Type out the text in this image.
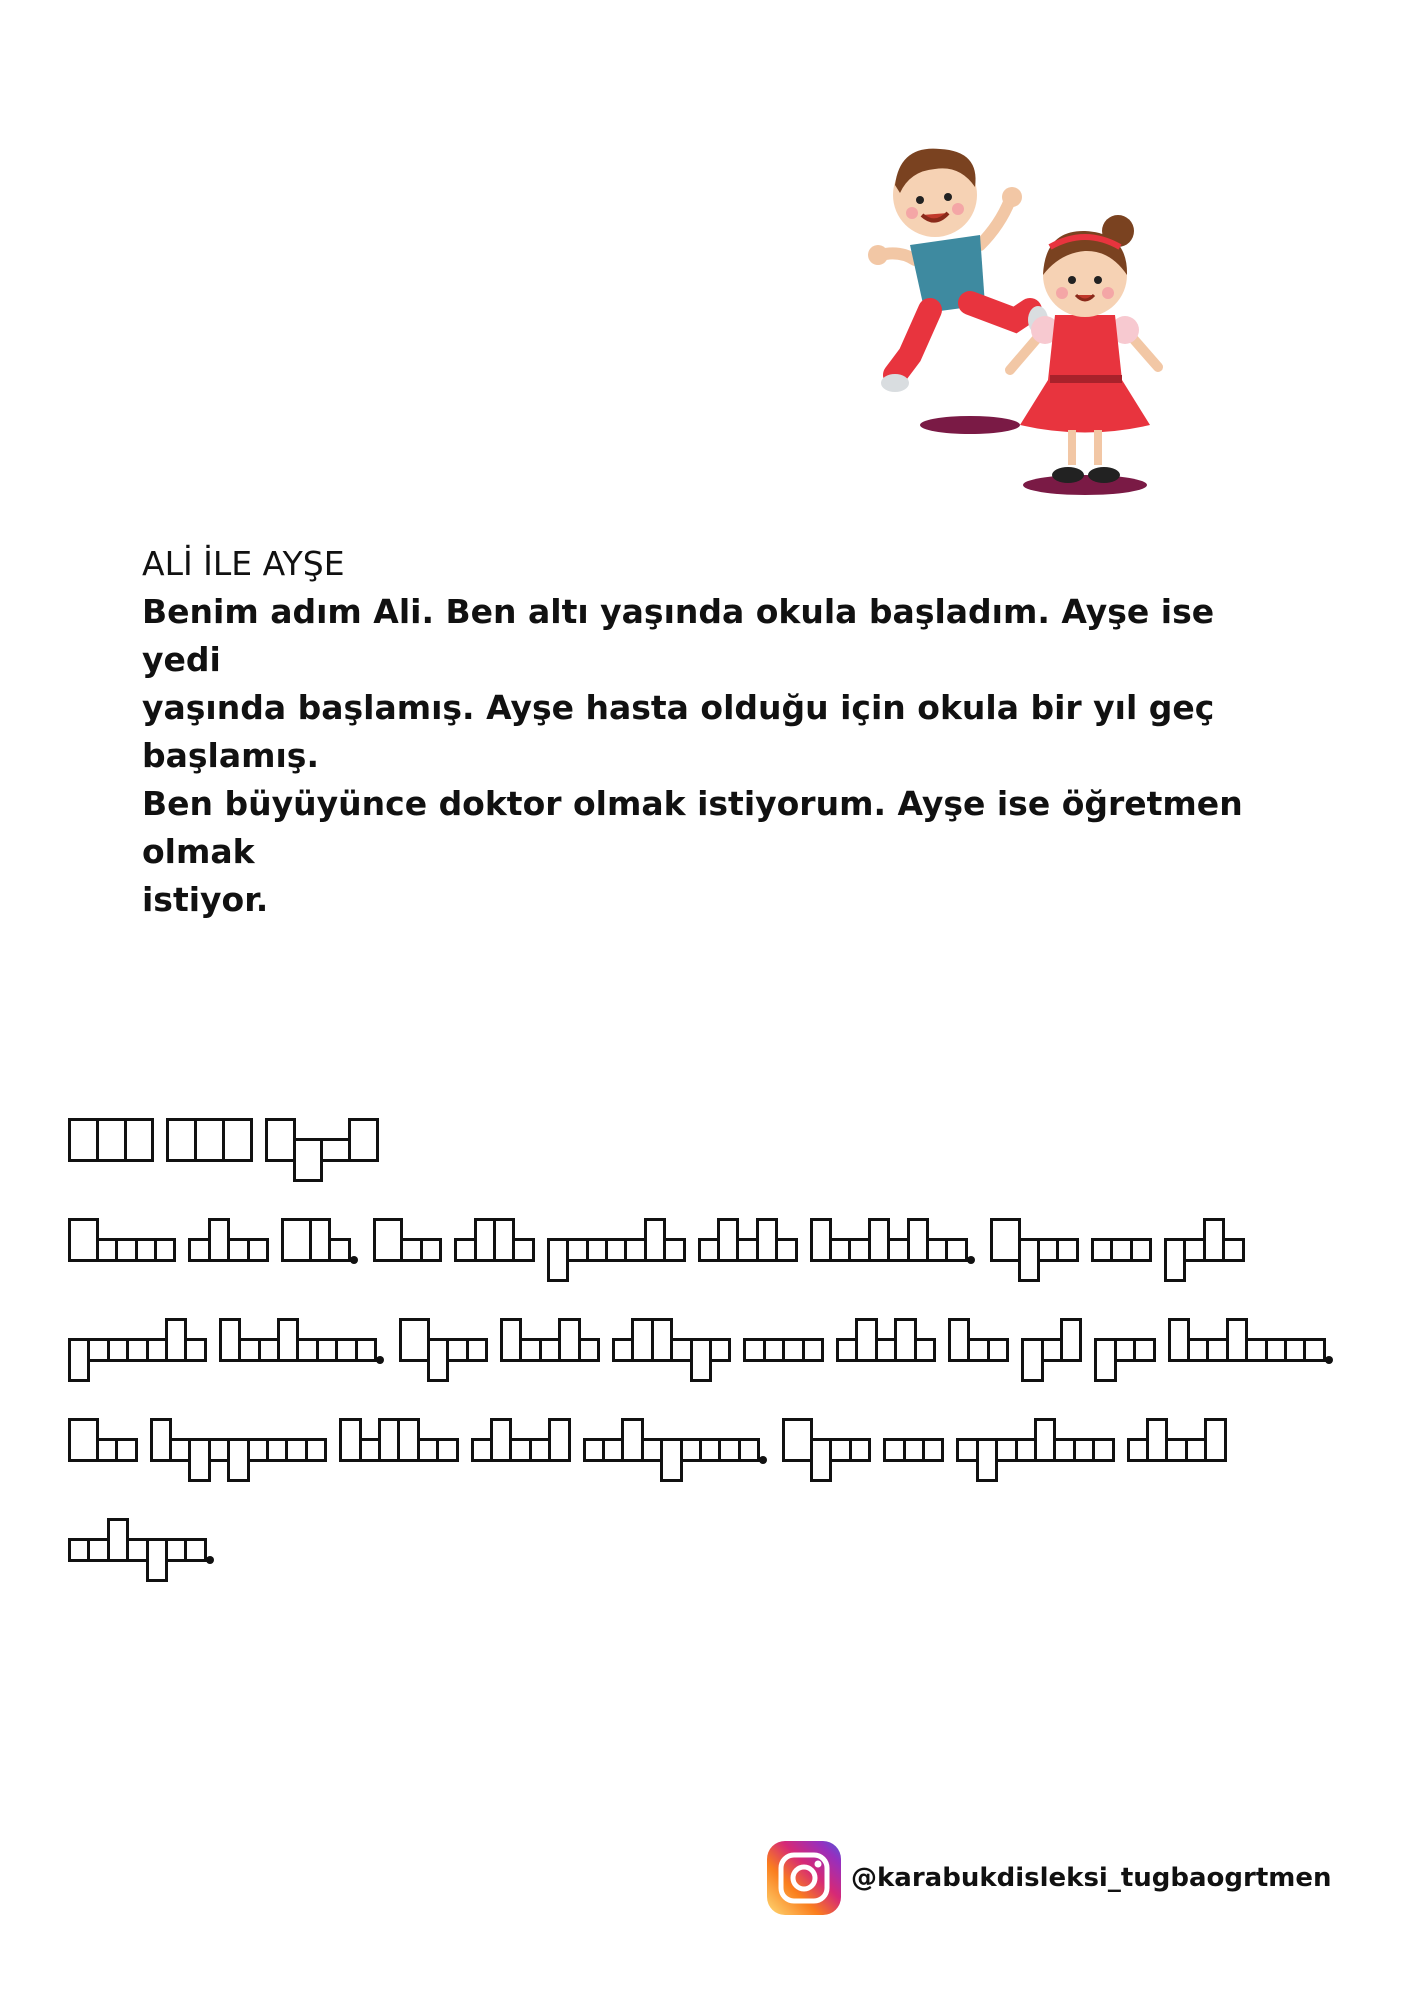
ALİ İLE AYŞE

Benim adım Ali. Ben altı yaşında okula başladım. Ayşe ise yedi

yaşında başlamış. Ayşe hasta olduğu için okula bir yıl geç başlamış.

Ben büyüyünce doktor olmak istiyorum. Ayşe ise öğretmen olmak

istiyor.

@karabukdisleksi_tugbaogrtmen
